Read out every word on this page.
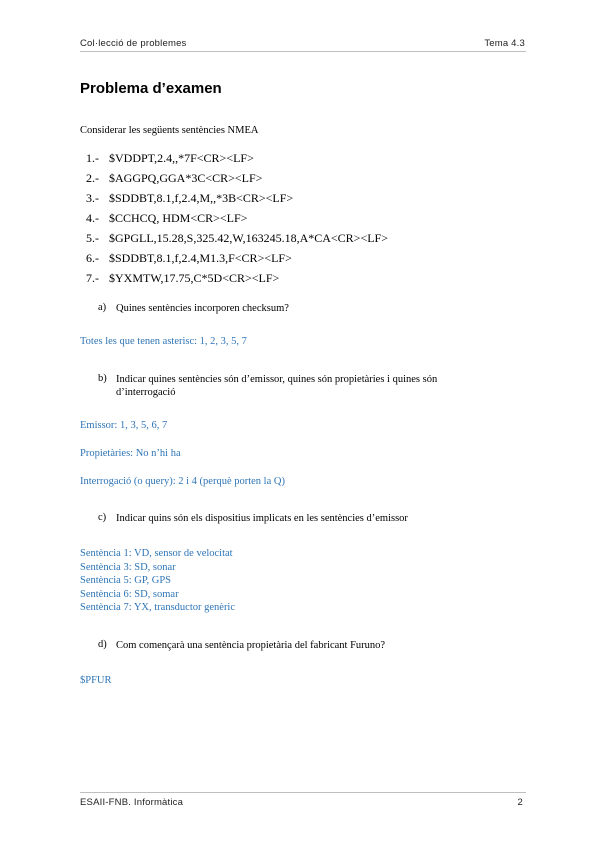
Col·lecció de problemes	Tema 4.3
Problema d’examen
Considerar les següents sentències NMEA
1.- $VDDPT,2.4,,*7F<CR><LF>
2.- $AGGPQ,GGA*3C<CR><LF>
3.- $SDDBT,8.1,f,2.4,M,,*3B<CR><LF>
4.- $CCHCQ, HDM<CR><LF>
5.- $GPGLL,15.28,S,325.42,W,163245.18,A*CA<CR><LF>
6.- $SDDBT,8.1,f,2.4,M1.3,F<CR><LF>
7.- $YXMTW,17.75,C*5D<CR><LF>
a) Quines sentències incorporen checksum?
Totes les que tenen asterisc: 1, 2, 3, 5, 7
b) Indicar quines sentències són d’emissor, quines són propietàries i quines són d’interrogació
Emissor: 1, 3, 5, 6, 7
Propietàries: No n’hi ha
Interrogació (o query): 2 i 4 (perquè porten la Q)
c) Indicar quins són els dispositius implicats en les sentències d’emissor
Sentència 1: VD, sensor de velocitat
Sentència 3: SD, sonar
Sentència 5: GP, GPS
Sentència 6: SD, somar
Sentència 7: YX, transductor genèric
d) Com començarà una sentència propietària del fabricant Furuno?
$PFUR
ESAII-FNB. Informàtica	2
